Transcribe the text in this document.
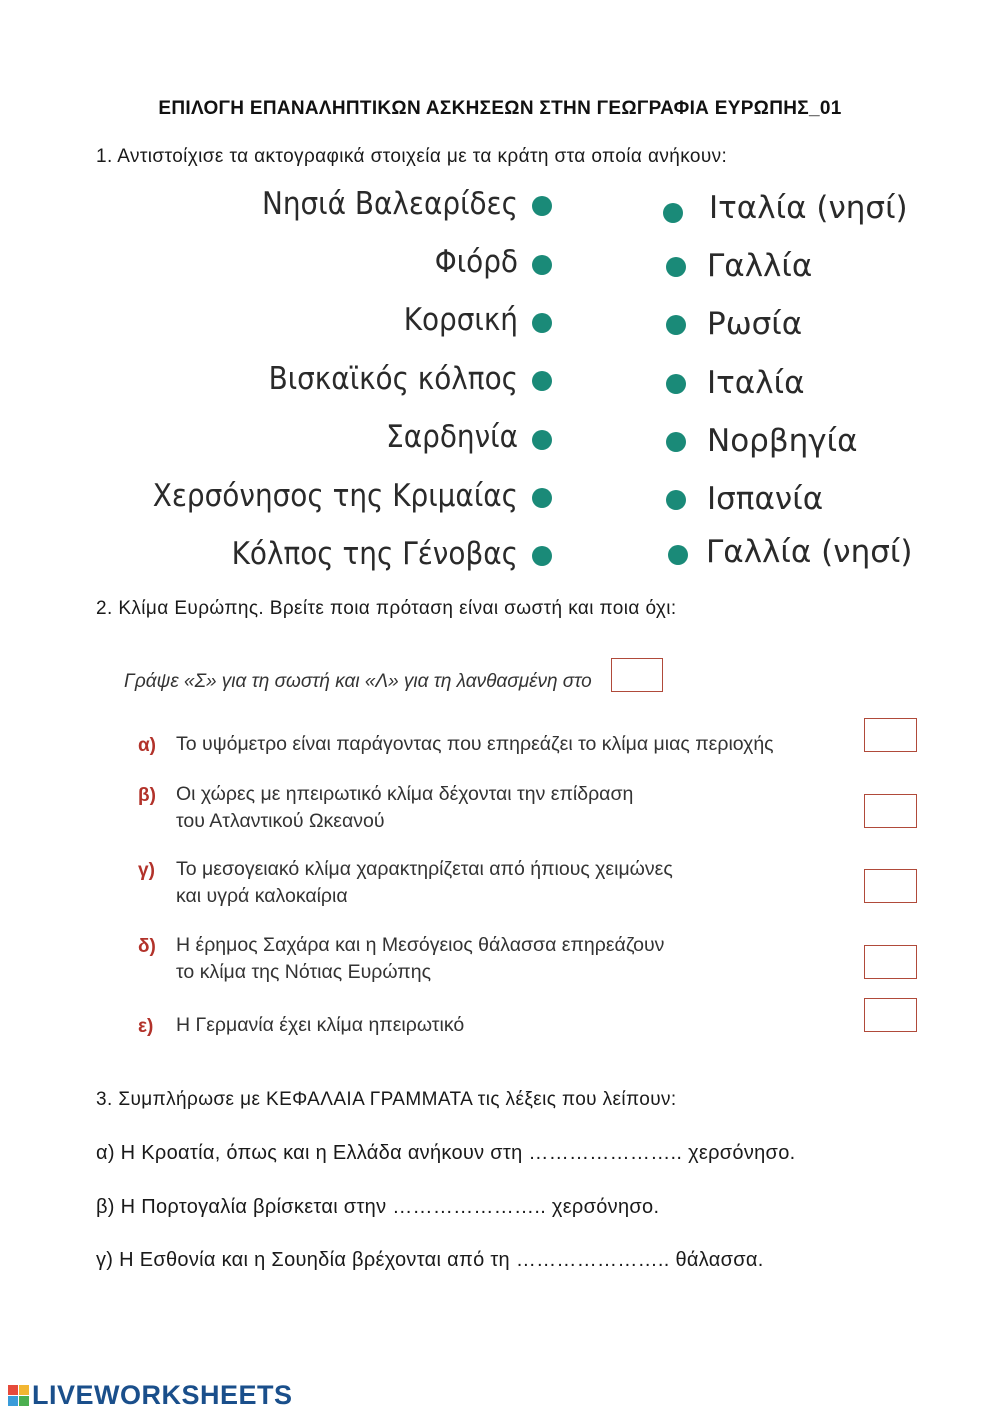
ΕΠΙΛΟΓΗ ΕΠΑΝΑΛΗΠΤΙΚΩΝ ΑΣΚΗΣΕΩΝ ΣΤΗΝ ΓΕΩΓΡΑΦΙΑ ΕΥΡΩΠΗΣ_01
1. Αντιστοίχισε τα ακτογραφικά στοιχεία με τα κράτη στα οποία ανήκουν:
Νησιά Βαλεαρίδες
Φιόρδ
Κορσική
Βισκαϊκός κόλπος
Σαρδηνία
Χερσόνησος της Κριμαίας
Κόλπος της Γένοβας
Ιταλία (νησί)
Γαλλία
Ρωσία
Ιταλία
Νορβηγία
Ισπανία
Γαλλία (νησί)
2. Κλίμα Ευρώπης. Βρείτε ποια πρόταση είναι σωστή και ποια όχι:
Γράψε «Σ» για τη σωστή και «Λ» για τη λανθασμένη στο
α) Το υψόμετρο είναι παράγοντας που επηρεάζει το κλίμα μιας περιοχής
β) Οι χώρες με ηπειρωτικό κλίμα δέχονται την επίδραση
του Ατλαντικού Ωκεανού
γ) Το μεσογειακό κλίμα χαρακτηρίζεται από ήπιους χειμώνες
και υγρά καλοκαίρια
δ) Η έρημος Σαχάρα και η Μεσόγειος θάλασσα επηρεάζουν
το κλίμα της Νότιας Ευρώπης
ε) Η Γερμανία έχει κλίμα ηπειρωτικό
3. Συμπλήρωσε με ΚΕΦΑΛΑΙΑ ΓΡΑΜΜΑΤΑ τις λέξεις που λείπουν:
α) Η Κροατία, όπως και η Ελλάδα ανήκουν στη ………………….. χερσόνησο.
β) Η Πορτογαλία βρίσκεται στην ………………….. χερσόνησο.
γ) Η Εσθονία και η Σουηδία βρέχονται από τη ………………….. θάλασσα.
LIVEWORKSHEETS
